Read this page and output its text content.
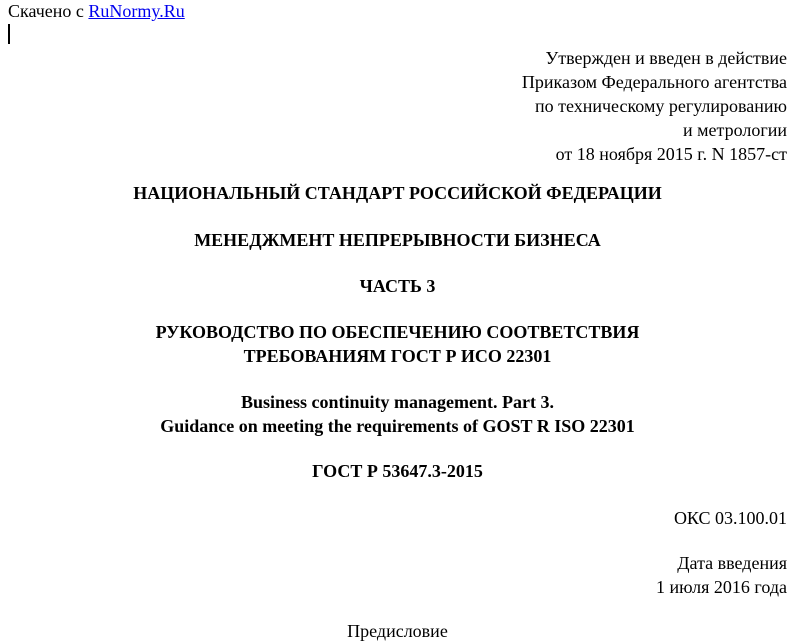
Скачено с RuNormy.Ru
Утвержден и введен в действие
Приказом Федерального агентства
по техническому регулированию
и метрологии
от 18 ноября 2015 г. N 1857-ст
НАЦИОНАЛЬНЫЙ СТАНДАРТ РОССИЙСКОЙ ФЕДЕРАЦИИ
МЕНЕДЖМЕНТ НЕПРЕРЫВНОСТИ БИЗНЕСА
ЧАСТЬ 3
РУКОВОДСТВО ПО ОБЕСПЕЧЕНИЮ СООТВЕТСТВИЯ
ТРЕБОВАНИЯМ ГОСТ Р ИСО 22301
Business continuity management. Part 3.
Guidance on meeting the requirements of GOST R ISO 22301
ГОСТ Р 53647.3-2015
ОКС 03.100.01
Дата введения
1 июля 2016 года
Предисловие
